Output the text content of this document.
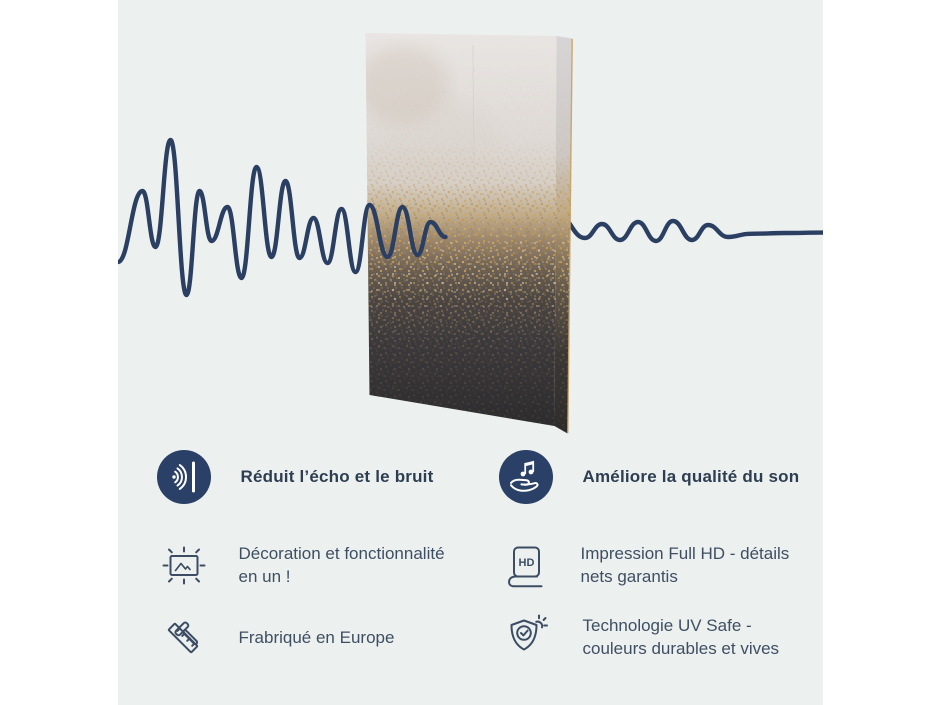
Réduit l’écho et le bruit	Améliore la qualité du son
Décoration et fonctionnalité en un !
HD	Impression Full HD - détails nets garantis
Frabriqué en Europe
Technologie UV Safe - couleurs durables et vives
